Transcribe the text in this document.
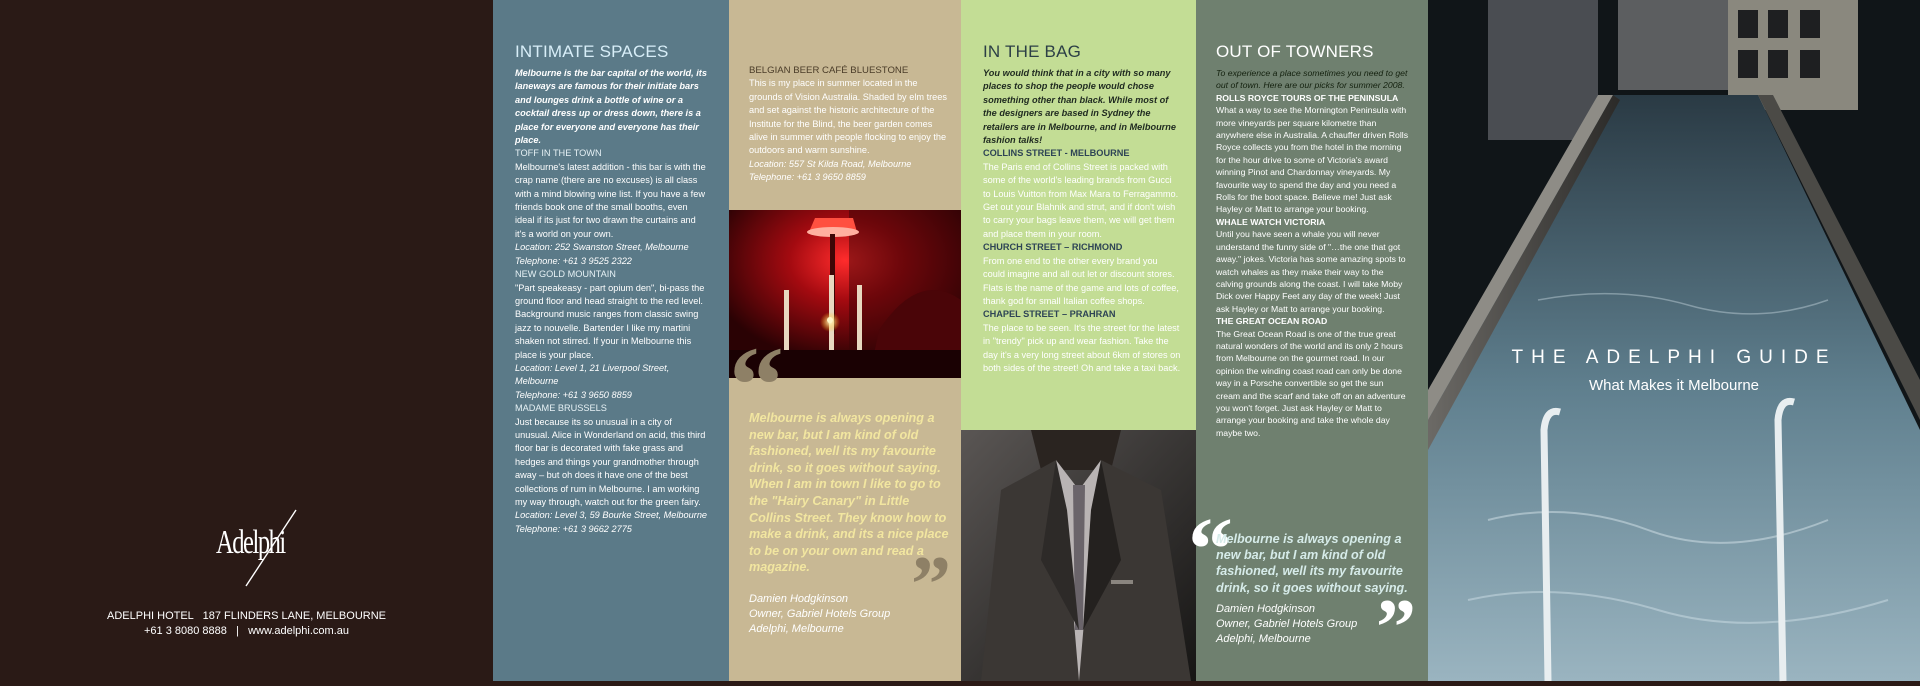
Adelphi
ADELPHI HOTEL 187 FLINDERS LANE, MELBOURNE
+61 3 8080 8888 | www.adelphi.com.au
INTIMATE SPACES
Melbourne is the bar capital of the world, its laneways are famous for their initiate bars and lounges drink a bottle of wine or a cocktail dress up or dress down, there is a place for everyone and everyone has their place.
TOFF IN THE TOWN
Melbourne's latest addition - this bar is with the crap name (there are no excuses) is all class with a mind blowing wine list. If you have a few friends book one of the small booths, even ideal if its just for two drawn the curtains and it's a world on your own.
Location: 252 Swanston Street, Melbourne
Telephone: +61 3 9525 2322
NEW GOLD MOUNTAIN
"Part speakeasy - part opium den", bi-pass the ground floor and head straight to the red level. Background music ranges from classic swing jazz to nouvelle. Bartender I like my martini shaken not stirred. If your in Melbourne this place is your place.
Location: Level 1, 21 Liverpool Street, Melbourne
Telephone: +61 3 9650 8859
MADAME BRUSSELS
Just because its so unusual in a city of unusual. Alice in Wonderland on acid, this third floor bar is decorated with fake grass and hedges and things your grandmother through away – but oh does it have one of the best collections of rum in Melbourne. I am working my way through, watch out for the green fairy.
Location: Level 3, 59 Bourke Street, Melbourne
Telephone: +61 3 9662 2775
BELGIAN BEER CAFÉ BLUESTONE
This is my place in summer located in the grounds of Vision Australia. Shaded by elm trees and set against the historic architecture of the Institute for the Blind, the beer garden comes alive in summer with people flocking to enjoy the outdoors and warm sunshine.
Location: 557 St Kilda Road, Melbourne
Telephone: +61 3 9650 8859
“
Melbourne is always opening a new bar, but I am kind of old fashioned, well its my favourite drink, so it goes without saying. When I am in town I like to go to the "Hairy Canary" in Little Collins Street. They know how to make a drink, and its a nice place to be on your own and read a magazine.	”
Damien Hodgkinson
Owner, Gabriel Hotels Group
Adelphi, Melbourne
IN THE BAG
You would think that in a city with so many places to shop the people would chose something other than black. While most of the designers are based in Sydney the retailers are in Melbourne, and in Melbourne fashion talks!
COLLINS STREET - MELBOURNE
The Paris end of Collins Street is packed with some of the world's leading brands from Gucci to Louis Vuitton from Max Mara to Ferragammo. Get out your Blahnik and strut, and if don't wish to carry your bags leave them, we will get them and place them in your room.
CHURCH STREET – RICHMOND
From one end to the other every brand you could imagine and all out let or discount stores. Flats is the name of the game and lots of coffee, thank god for small Italian coffee shops.
CHAPEL STREET – PRAHRAN
The place to be seen. It's the street for the latest in "trendy" pick up and wear fashion. Take the day it's a very long street about 6km of stores on both sides of the street! Oh and take a taxi back.
OUT OF TOWNERS
To experience a place sometimes you need to get out of town. Here are our picks for summer 2008.
ROLLS ROYCE TOURS OF THE PENINSULA
What a way to see the Mornington Peninsula with more vineyards per square kilometre than anywhere else in Australia. A chauffer driven Rolls Royce collects you from the hotel in the morning for the hour drive to some of Victoria's award winning Pinot and Chardonnay vineyards. My favourite way to spend the day and you need a Rolls for the boot space. Believe me! Just ask Hayley or Matt to arrange your booking.
WHALE WATCH VICTORIA
Until you have seen a whale you will never understand the funny side of "…the one that got away." jokes. Victoria has some amazing spots to watch whales as they make their way to the calving grounds along the coast. I will take Moby Dick over Happy Feet any day of the week! Just ask Hayley or Matt to arrange your booking.
THE GREAT OCEAN ROAD
The Great Ocean Road is one of the true great natural wonders of the world and its only 2 hours from Melbourne on the gourmet road. In our opinion the winding coast road can only be done way in a Porsche convertible so get the sun cream and the scarf and take off on an adventure you won't forget. Just ask Hayley or Matt to arrange your booking and take the whole day maybe two.
“
Melbourne is always opening a new bar, but I am kind of old fashioned, well its my favourite drink, so it goes without saying.
Damien Hodgkinson
Owner, Gabriel Hotels Group
Adelphi, Melbourne ”
THE ADELPHI GUIDE
What Makes it Melbourne
